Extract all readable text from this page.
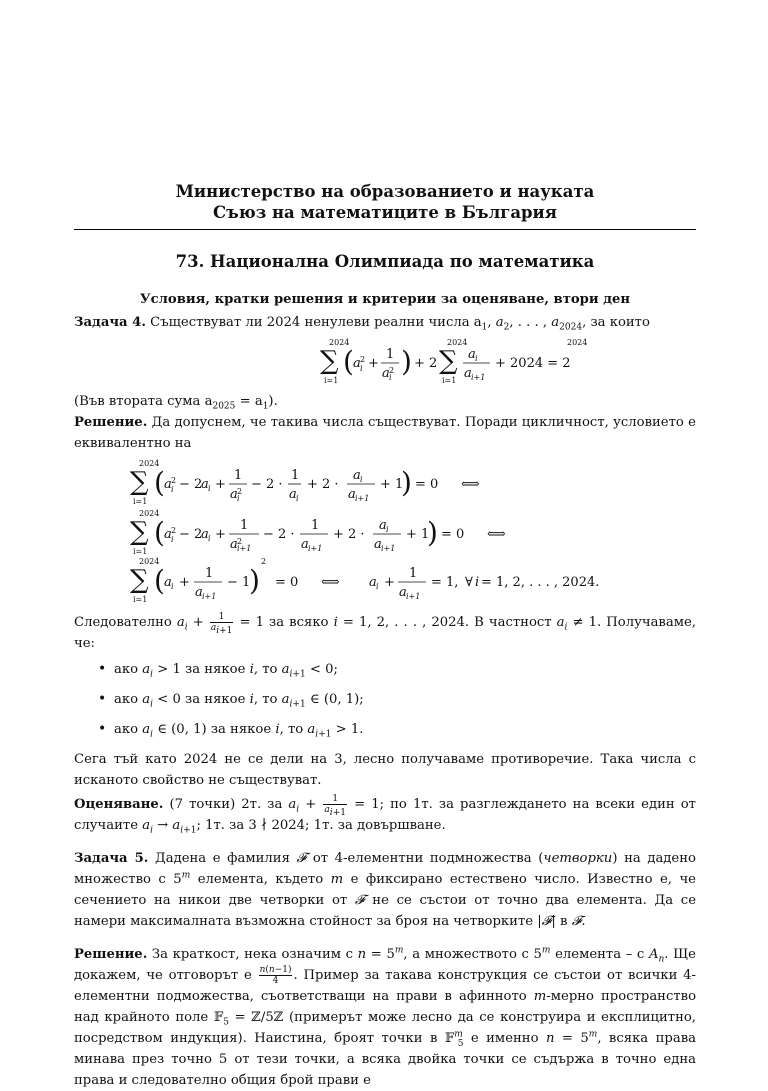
Министерство на образованието и науката
Съюз на математиците в България
73. Национална Олимпиада по математика
Условия, кратки решения и критерии за оценяване, втори ден

Задача 4. Съществуват ли 2024 ненулеви реални числа $a_1$, $a_2$, . . . , $a_{2024}$, за които

2024
∑
i=1
( a 2
i +
1
a 2
i ) + 2
2024
∑
i=1
a i
a i+1
+ 2024 = 2
2024

(Във втората сума $a_{2025} = a_1$).

Решение. Да допуснем, че такива числа съществуват. Поради цикличност, условието е еквивалентно на

2024
∑
i=1
( a 2
i − 2
a i +
1
a 2
i
− 2 ·
1
a i
+ 2 ·
a i
a i+1
+ 1
) = 0 ⟺
2024
∑
i=1
( a 2
i − 2
a i +
1
a 2
i+1
− 2 ·
1
a i+1
+ 2 ·
a i
a i+1
+ 1
) = 0 ⟺
2024
∑
i=1
( a i +
1
a i+1
− 1
)
2
= 0 ⟺ a i +
1
a i+1
= 1, ∀ i = 1, 2, . . . , 2024.

Следователно $a_i + \frac{1}{a_{i+1}} = 1$ за всяко i = 1, 2, . . . , 2024. В частност $a_i \ne 1$. Получаваме, че:

• ако $a_i > 1$ за някое i, то $a_{i+1} < 0$;
• ако $a_i < 0$ за някое i, то $a_{i+1}$ ∈ (0, 1);
• ако $a_i$ ∈ (0, 1) за някое i, то $a_{i+1} > 1$.

Сега тъй като 2024 не се дели на 3, лесно получаваме противоречие. Така числа с исканото свойство не съществуват.

Оценяване. (7 точки) 2т. за $a_i + \frac{1}{a_{i+1}} = 1$; по 1т. за разглеждането на всеки един от случаите $a_i \to a_{i+1}$; 1т. за 3 ∤ 2024; 1т. за довършване.

Задача 5. Дадена е фамилия 𝓕 от 4-елементни подмножества (четворки) на дадено множество с 5$^m$ елемента, където m е фиксирано естествено число. Известно е, че сечението на никои две четворки от 𝓕 не се състои от точно два елемента. Да се намери максималната възможна стойност за броя на четворките |𝓕| в 𝓕.

Решение. За краткост, нека означим с $n = 5^m$, а множеството с 5$^m$ елемента – с $A_n$. Ще докажем, че отговорът е $\frac{n(n-1)}{4}$ . Пример за такава конструкция се състои от всички 4-елементни подможества, съответстващи на прави в афинното m-мерно пространство над крайното поле 𝔽$_5$ = ℤ/5ℤ (примерът може лесно да се конструира и експлицитно, посредством индукция). Наистина, броят точки в 𝔽$^m_5$ е именно $n = 5^m$, всяка права минава през точно 5 от тези точки, а всяка двойка точки се съдържа в точно една права и следователно общия брой прави е
